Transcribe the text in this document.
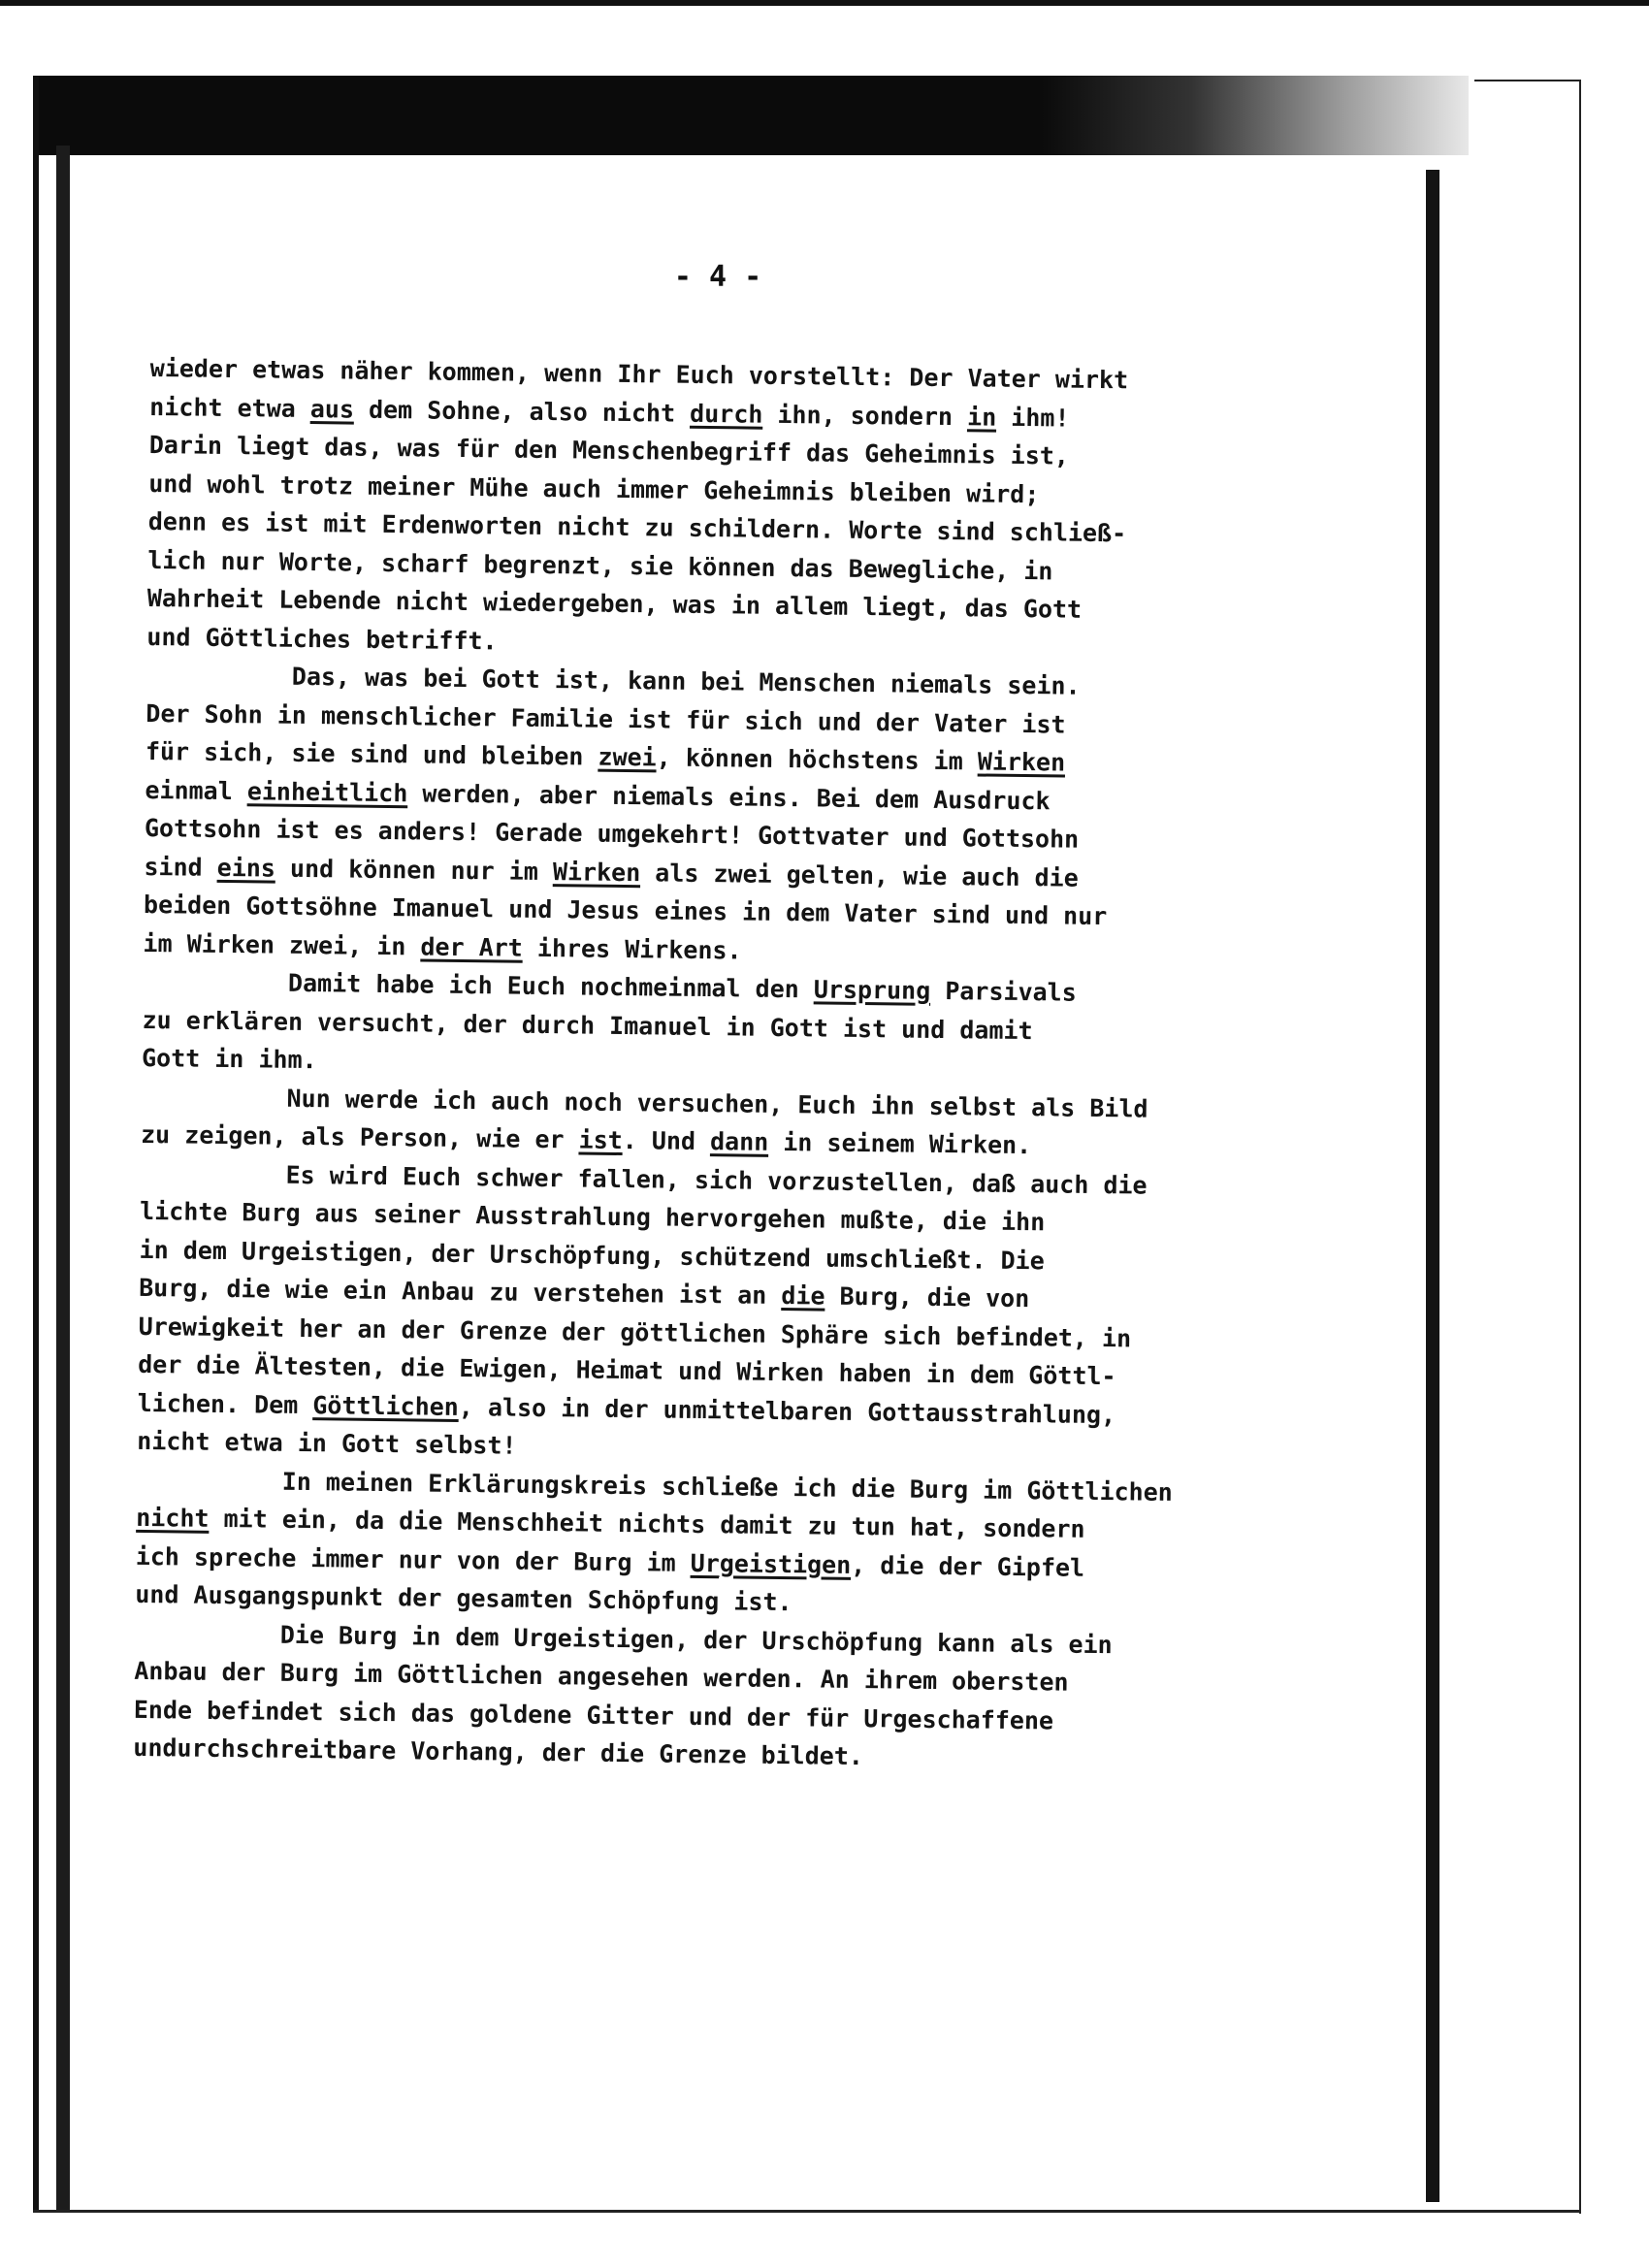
- 4 -
wieder etwas näher kommen, wenn Ihr Euch vorstellt: Der Vater wirkt
nicht etwa aus dem Sohne, also nicht durch ihn, sondern in ihm!
Darin liegt das, was für den Menschenbegriff das Geheimnis ist,
und wohl trotz meiner Mühe auch immer Geheimnis bleiben wird;
denn es ist mit Erdenworten nicht zu schildern. Worte sind schließ-
lich nur Worte, scharf begrenzt, sie können das Bewegliche, in
Wahrheit Lebende nicht wiedergeben, was in allem liegt, das Gott
und Göttliches betrifft.
Das, was bei Gott ist, kann bei Menschen niemals sein.
Der Sohn in menschlicher Familie ist für sich und der Vater ist
für sich, sie sind und bleiben zwei, können höchstens im Wirken
einmal einheitlich werden, aber niemals eins. Bei dem Ausdruck
Gottsohn ist es anders! Gerade umgekehrt! Gottvater und Gottsohn
sind eins und können nur im Wirken als zwei gelten, wie auch die
beiden Gottsöhne Imanuel und Jesus eines in dem Vater sind und nur
im Wirken zwei, in der Art ihres Wirkens.
Damit habe ich Euch nochmeinmal den Ursprung Parsivals
zu erklären versucht, der durch Imanuel in Gott ist und damit
Gott in ihm.
Nun werde ich auch noch versuchen, Euch ihn selbst als Bild
zu zeigen, als Person, wie er ist. Und dann in seinem Wirken.
Es wird Euch schwer fallen, sich vorzustellen, daß auch die
lichte Burg aus seiner Ausstrahlung hervorgehen mußte, die ihn
in dem Urgeistigen, der Urschöpfung, schützend umschließt. Die
Burg, die wie ein Anbau zu verstehen ist an die Burg, die von
Urewigkeit her an der Grenze der göttlichen Sphäre sich befindet, in
der die Ältesten, die Ewigen, Heimat und Wirken haben in dem Göttl-
lichen. Dem Göttlichen, also in der unmittelbaren Gottausstrahlung,
nicht etwa in Gott selbst!
In meinen Erklärungskreis schließe ich die Burg im Göttlichen
nicht mit ein, da die Menschheit nichts damit zu tun hat, sondern
ich spreche immer nur von der Burg im Urgeistigen, die der Gipfel
und Ausgangspunkt der gesamten Schöpfung ist.
Die Burg in dem Urgeistigen, der Urschöpfung kann als ein
Anbau der Burg im Göttlichen angesehen werden. An ihrem obersten
Ende befindet sich das goldene Gitter und der für Urgeschaffene
undurchschreitbare Vorhang, der die Grenze bildet.
